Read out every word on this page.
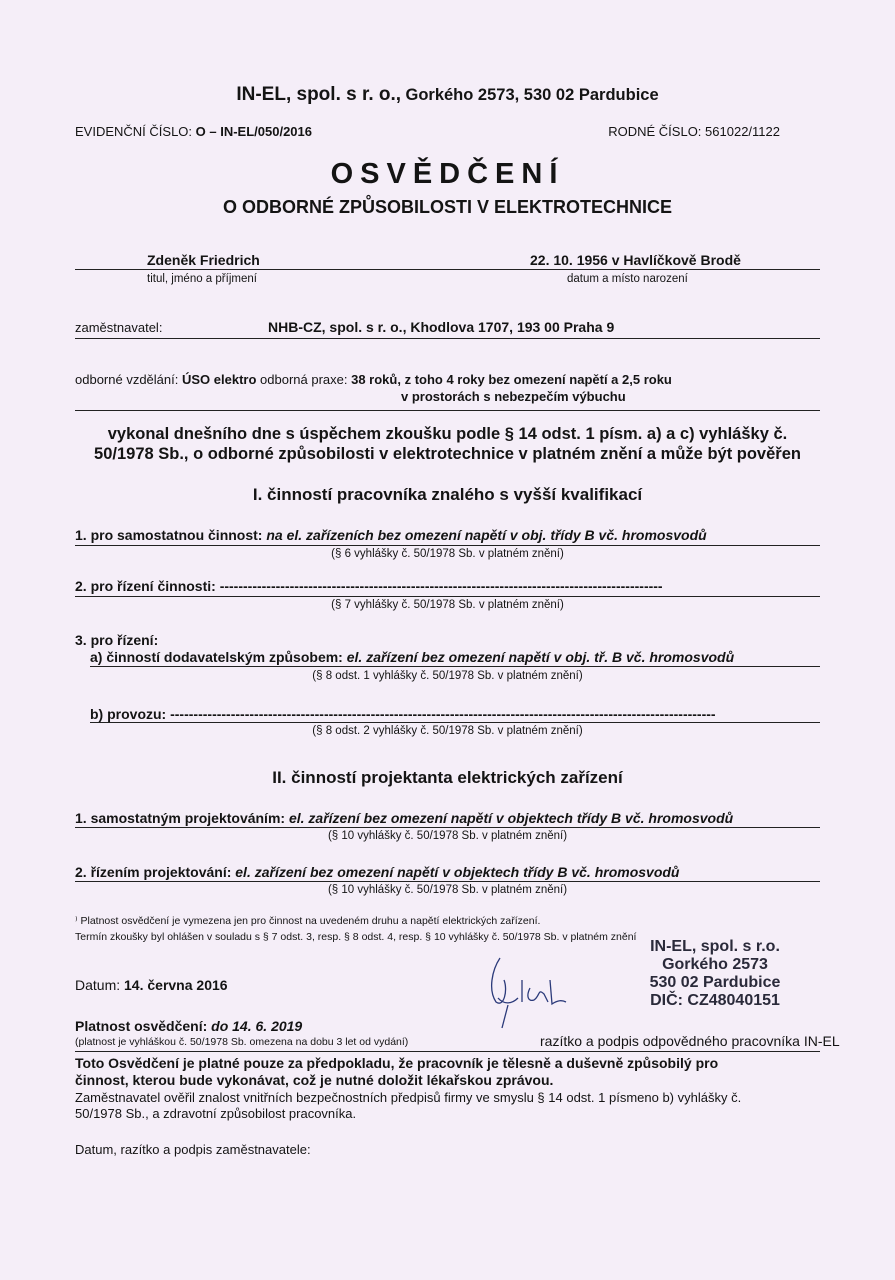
IN-EL, spol. s r. o., Gorkého 2573, 530 02 Pardubice
EVIDENČNÍ ČÍSLO: O – IN-EL/050/2016	RODNÉ ČÍSLO: 561022/1122
OSVĚDČENÍ
O ODBORNÉ ZPŮSOBILOSTI V ELEKTROTECHNICE
Zdeněk Friedrich	22. 10. 1956 v Havlíčkově Brodě
titul, jméno a příjmení	datum a místo narození
zaměstnavatel:	NHB-CZ, spol. s r. o., Khodlova 1707, 193 00 Praha 9
odborné vzdělání: ÚSO elektro odborná praxe: 38 roků, z toho 4 roky bez omezení napětí a 2,5 roku
v prostorách s nebezpečím výbuchu
vykonal dnešního dne s úspěchem zkoušku podle § 14 odst. 1 písm. a) a c) vyhlášky č.
50/1978 Sb., o odborné způsobilosti v elektrotechnice v platném znění a může být pověřen
I. činností pracovníka znalého s vyšší kvalifikací
1. pro samostatnou činnost: na el. zařízeních bez omezení napětí v obj. třídy B vč. hromosvodů
(§ 6 vyhlášky č. 50/1978 Sb. v platném znění)
2. pro řízení činnosti: -----------------------------------------------------------------------------------------------
(§ 7 vyhlášky č. 50/1978 Sb. v platném znění)
3. pro řízení:
a) činností dodavatelským způsobem: el. zařízení bez omezení napětí v obj. tř. B vč. hromosvodů
(§ 8 odst. 1 vyhlášky č. 50/1978 Sb. v platném znění)
b) provozu: ---------------------------------------------------------------------------------------------------------------------
(§ 8 odst. 2 vyhlášky č. 50/1978 Sb. v platném znění)
II. činností projektanta elektrických zařízení
1. samostatným projektováním: el. zařízení bez omezení napětí v objektech třídy B vč. hromosvodů
(§ 10 vyhlášky č. 50/1978 Sb. v platném znění)
2. řízením projektování: el. zařízení bez omezení napětí v objektech třídy B vč. hromosvodů
(§ 10 vyhlášky č. 50/1978 Sb. v platném znění)
⁾ Platnost osvědčení je vymezena jen pro činnost na uvedeném druhu a napětí elektrických zařízení.
Termín zkoušky byl ohlášen v souladu s § 7 odst. 3, resp. § 8 odst. 4, resp. § 10 vyhlášky č. 50/1978 Sb. v platném znění
IN-EL, spol. s r.o.
Gorkého 2573
530 02 Pardubice
DIČ: CZ48040151
Datum: 14. června 2016
Platnost osvědčení: do 14. 6. 2019
(platnost je vyhláškou č. 50/1978 Sb. omezena na dobu 3 let od vydání)	razítko a podpis odpovědného pracovníka IN-EL
Toto Osvědčení je platné pouze za předpokladu, že pracovník je tělesně a duševně způsobilý pro
činnost, kterou bude vykonávat, což je nutné doložit lékařskou zprávou.
Zaměstnavatel ověřil znalost vnitřních bezpečnostních předpisů firmy ve smyslu § 14 odst. 1 písmeno b) vyhlášky č.
50/1978 Sb., a zdravotní způsobilost pracovníka.
Datum, razítko a podpis zaměstnavatele:
